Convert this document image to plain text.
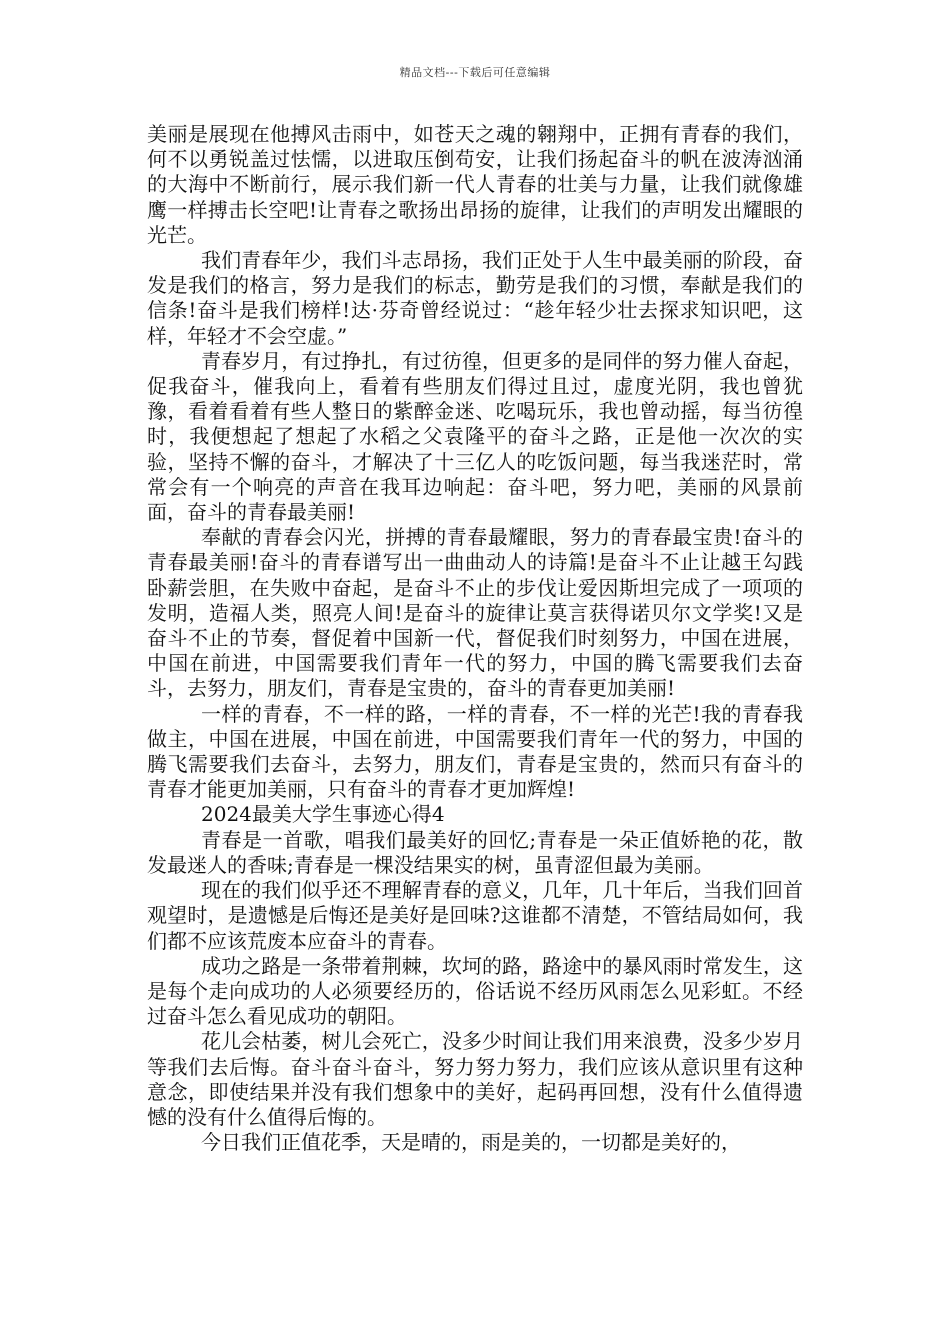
精品文档---下载后可任意编辑

美丽是展现在他搏风击雨中，如苍天之魂的翱翔中，正拥有青春的我们，何不以勇锐盖过怯懦，以进取压倒苟安，让我们扬起奋斗的帆在波涛汹涌的大海中不断前行，展示我们新一代人青春的壮美与力量，让我们就像雄鹰一样搏击长空吧!让青春之歌扬出昂扬的旋律，让我们的声明发出耀眼的光芒。

我们青春年少，我们斗志昂扬，我们正处于人生中最美丽的阶段，奋发是我们的格言，努力是我们的标志，勤劳是我们的习惯，奉献是我们的信条!奋斗是我们榜样!达·芬奇曾经说过：“趁年轻少壮去探求知识吧，这样，年轻才不会空虚。”

青春岁月，有过挣扎，有过彷徨，但更多的是同伴的努力催人奋起，促我奋斗，催我向上，看着有些朋友们得过且过，虚度光阴，我也曾犹豫，看着看着有些人整日的紫醉金迷、吃喝玩乐，我也曾动摇，每当彷徨时，我便想起了想起了水稻之父袁隆平的奋斗之路，正是他一次次的实验，坚持不懈的奋斗，才解决了十三亿人的吃饭问题，每当我迷茫时，常常会有一个响亮的声音在我耳边响起：奋斗吧，努力吧，美丽的风景前面，奋斗的青春最美丽!

奉献的青春会闪光，拼搏的青春最耀眼，努力的青春最宝贵!奋斗的青春最美丽!奋斗的青春谱写出一曲曲动人的诗篇!是奋斗不止让越王勾践卧薪尝胆，在失败中奋起，是奋斗不止的步伐让爱因斯坦完成了一项项的发明，造福人类，照亮人间!是奋斗的旋律让莫言获得诺贝尔文学奖!又是奋斗不止的节奏，督促着中国新一代，督促我们时刻努力，中国在进展，中国在前进，中国需要我们青年一代的努力，中国的腾飞需要我们去奋斗，去努力，朋友们，青春是宝贵的，奋斗的青春更加美丽!

一样的青春，不一样的路，一样的青春，不一样的光芒!我的青春我做主，中国在进展，中国在前进，中国需要我们青年一代的努力，中国的腾飞需要我们去奋斗，去努力，朋友们，青春是宝贵的，然而只有奋斗的青春才能更加美丽，只有奋斗的青春才更加辉煌!

2024最美大学生事迹心得4

青春是一首歌，唱我们最美好的回忆;青春是一朵正值娇艳的花，散发最迷人的香味;青春是一棵没结果实的树，虽青涩但最为美丽。

现在的我们似乎还不理解青春的意义，几年，几十年后，当我们回首观望时，是遗憾是后悔还是美好是回味?这谁都不清楚，不管结局如何，我们都不应该荒废本应奋斗的青春。

成功之路是一条带着荆棘，坎坷的路，路途中的暴风雨时常发生，这是每个走向成功的人必须要经历的，俗话说不经历风雨怎么见彩虹。不经过奋斗怎么看见成功的朝阳。

花儿会枯萎，树儿会死亡，没多少时间让我们用来浪费，没多少岁月等我们去后悔。奋斗奋斗奋斗，努力努力努力，我们应该从意识里有这种意念，即使结果并没有我们想象中的美好，起码再回想，没有什么值得遗憾的没有什么值得后悔的。

今日我们正值花季，天是晴的，雨是美的，一切都是美好的，
